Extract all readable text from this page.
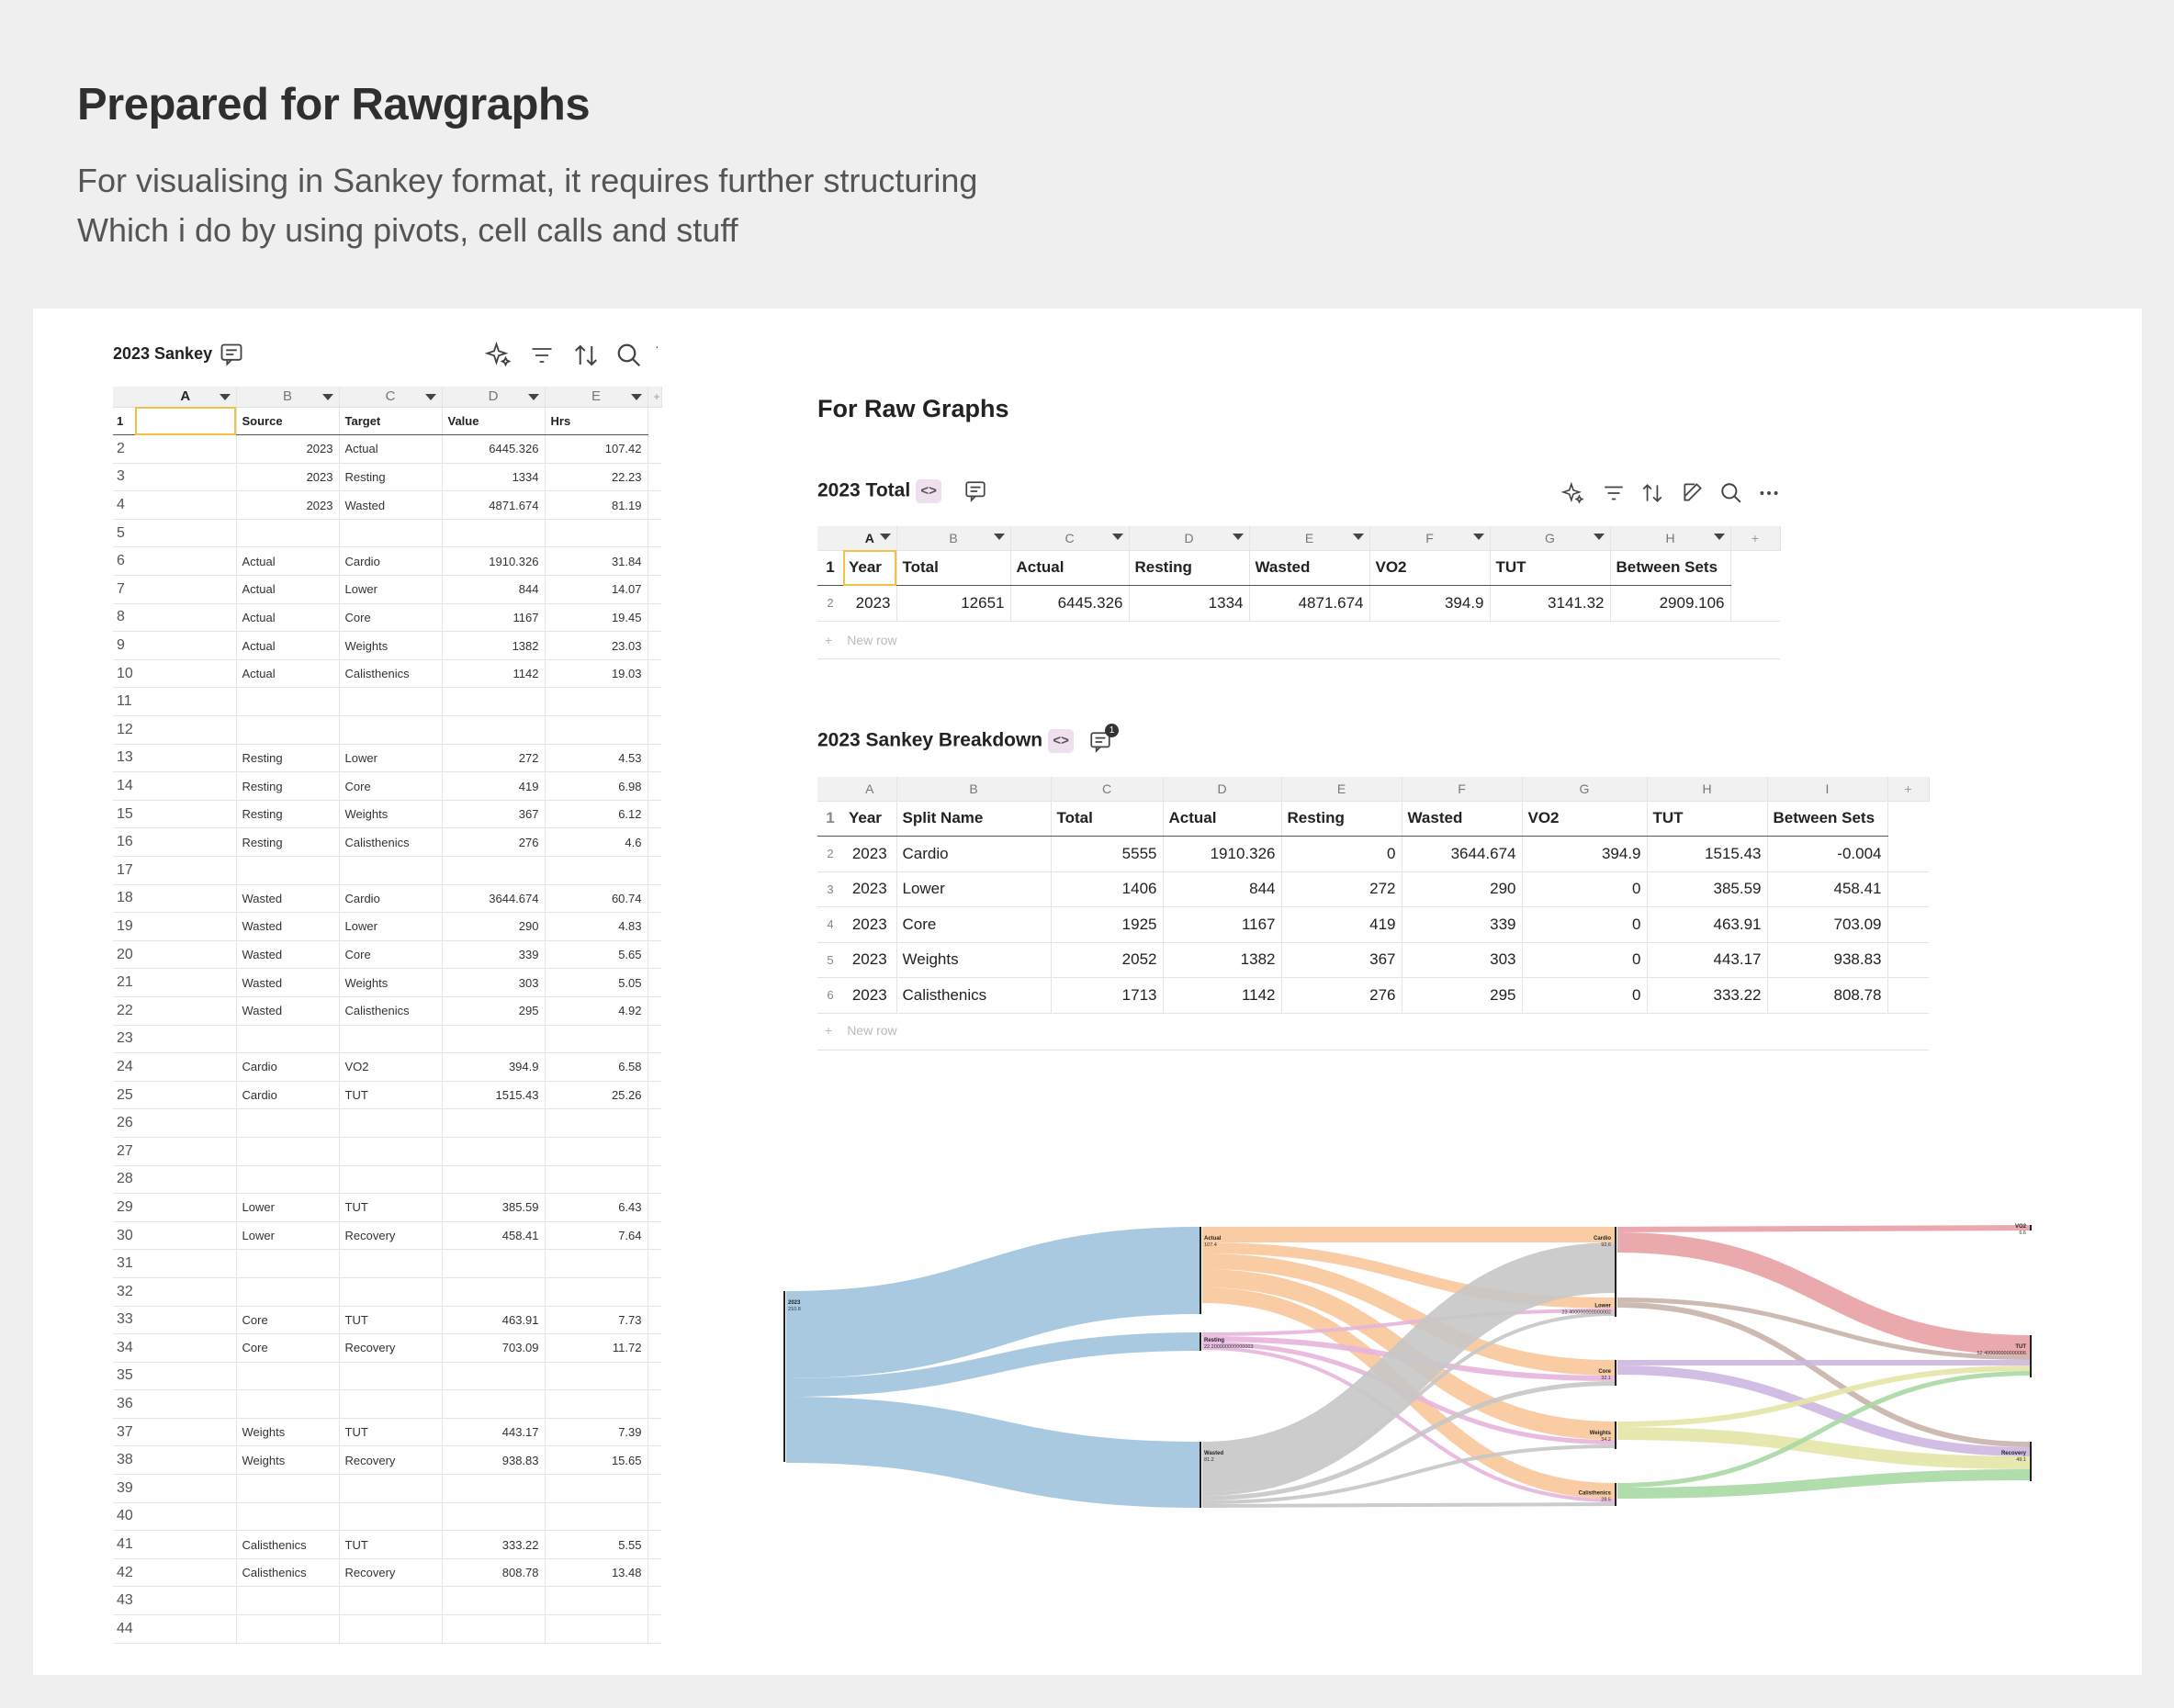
Prepared for Rawgraphs
For visualising in Sankey format, it requires further structuring
Which i do by using pivots, cell calls and stuff
2023 Sankey	·
	A	B	C	D	E	+
1		Source	Target	Value	Hrs	
2		2023	Actual	6445.326	107.42	
3		2023	Resting	1334	22.23	
4		2023	Wasted	4871.674	81.19	
5						
6		Actual	Cardio	1910.326	31.84	
7		Actual	Lower	844	14.07	
8		Actual	Core	1167	19.45	
9		Actual	Weights	1382	23.03	
10		Actual	Calisthenics	1142	19.03	
11						
12						
13		Resting	Lower	272	4.53	
14		Resting	Core	419	6.98	
15		Resting	Weights	367	6.12	
16		Resting	Calisthenics	276	4.6	
17						
18		Wasted	Cardio	3644.674	60.74	
19		Wasted	Lower	290	4.83	
20		Wasted	Core	339	5.65	
21		Wasted	Weights	303	5.05	
22		Wasted	Calisthenics	295	4.92	
23						
24		Cardio	VO2	394.9	6.58	
25		Cardio	TUT	1515.43	25.26	
26						
27						
28						
29		Lower	TUT	385.59	6.43	
30		Lower	Recovery	458.41	7.64	
31						
32						
33		Core	TUT	463.91	7.73	
34		Core	Recovery	703.09	11.72	
35						
36						
37		Weights	TUT	443.17	7.39	
38		Weights	Recovery	938.83	15.65	
39						
40						
41		Calisthenics	TUT	333.22	5.55	
42		Calisthenics	Recovery	808.78	13.48	
43						
44						
For Raw Graphs
2023 Total <>
	A	B	C	D	E	F	G	H	+
1	Year	Total	Actual	Resting	Wasted	VO2	TUT	Between Sets	
2	2023	12651	6445.326	1334	4871.674	394.9	3141.32	2909.106	
+ New row
2023 Sankey Breakdown <>
1
	A	B	C	D	E	F	G	H	I	+
1	Year	Split Name	Total	Actual	Resting	Wasted	VO2	TUT	Between Sets	
2	2023	Cardio	5555	1910.326	0	3644.674	394.9	1515.43	-0.004	
3	2023	Lower	1406	844	272	290	0	385.59	458.41	
4	2023	Core	1925	1167	419	339	0	463.91	703.09	
5	2023	Weights	2052	1382	367	303	0	443.17	938.83	
6	2023	Calisthenics	1713	1142	276	295	0	333.22	808.78	
+ New row
2023
210.8
Actual
107.4
Resting
22.200000000000003
Wasted
81.2
Cardio
92.6
Lower
23.400000000000002
Core
32.1
Weights
34.2
Calisthenics
28.5
VO2
6.6
TUT
52.400000000000006
Recovery
49.1
